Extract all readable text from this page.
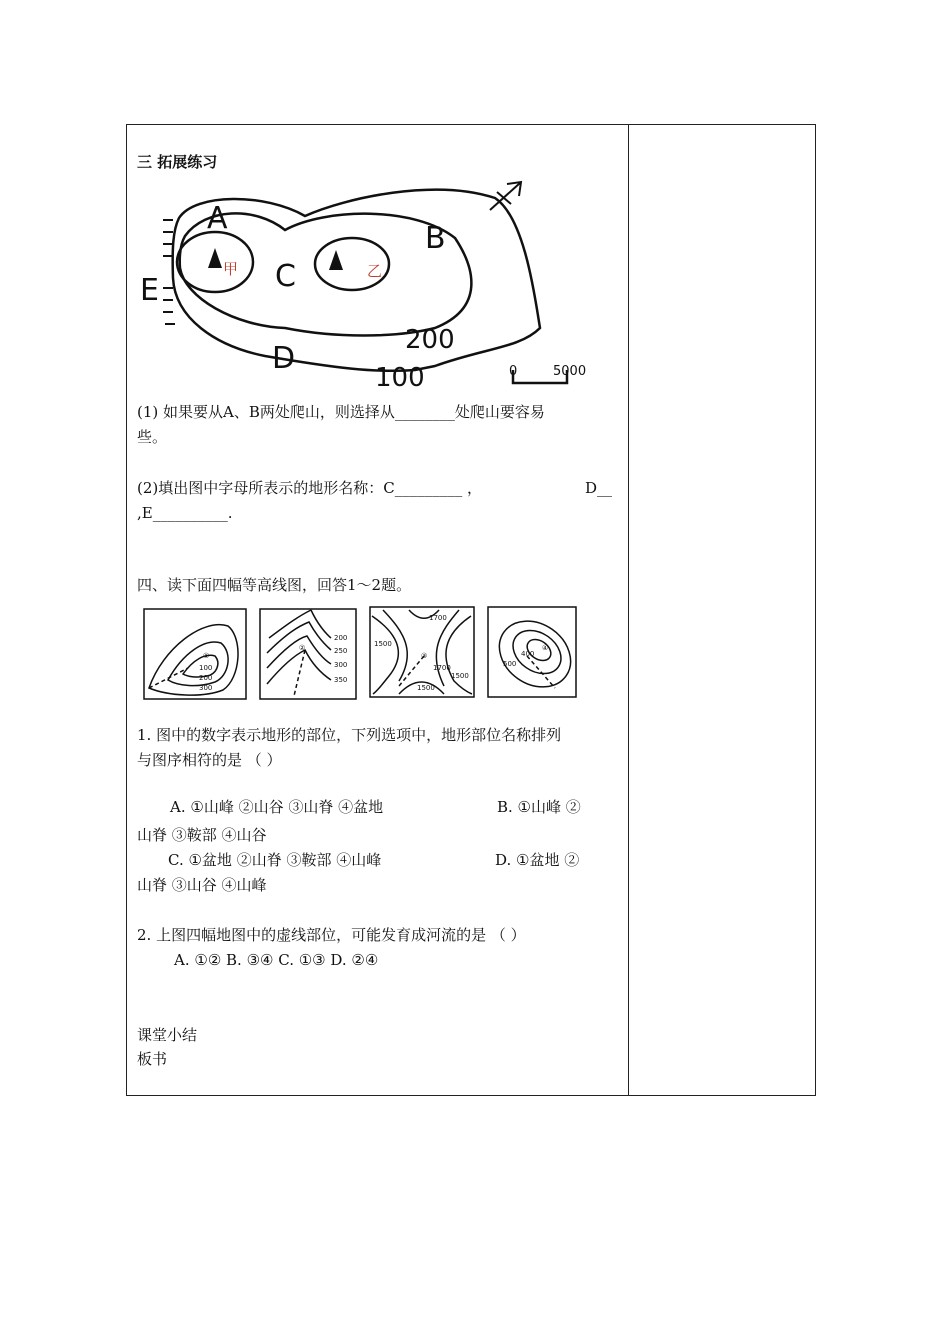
三 拓展练习
A
B
C
D
E
200
100
甲	乙
0	5000
(1) 如果要从A、B两处爬山，则选择从________处爬山要容易
些。
(2)填出图中字母所表示的地形名称：C_________ ，	D__
,E__________.
四、读下面四幅等高线图，回答1～2题。
①
100
200
300
②
200
250
300
350
③
1700
1500
1700
1500
1500
④
500
400
1. 图中的数字表示地形的部位，下列选项中，地形部位名称排列
与图序相符的是 （ ）
A. ①山峰 ②山谷 ③山脊 ④盆地	B. ①山峰 ②
山脊 ③鞍部 ④山谷
C. ①盆地 ②山脊 ③鞍部 ④山峰	D. ①盆地 ②
山脊 ③山谷 ④山峰
2. 上图四幅地图中的虚线部位，可能发育成河流的是 （ ）
A. ①② B. ③④ C. ①③ D. ②④
课堂小结
板书
